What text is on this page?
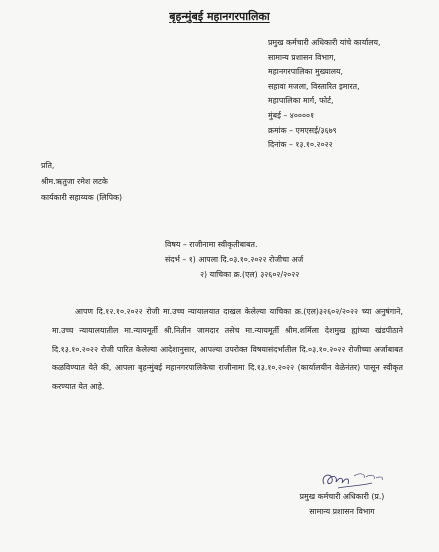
बृहन्मुंबई महानगरपालिका
प्रमुख कर्मचारी अधिकारी यांचे कार्यालय,
सामान्य प्रशासन विभाग,
महानगरपालिका मुख्यालय,
सहावा मजला, विस्तारित इमारत,
महापालिका मार्ग, फोर्ट,
मुंबई – ४००००१
क्रमांक – एमएसई/३६७९
दिनांक – १३.१०.२०२२
प्रति,
श्रीम.ऋतुजा रमेश लटके
कार्यकारी सहाय्यक (लिपिक)
विषय – राजीनामा स्वीकृतीबाबत.
संदर्भ – १) आपला दि.०३.१०.२०२२ रोजीचा अर्ज
२) याचिका क्र.(एल) ३२६०२/२०२२
आपण दि.१२.१०.२०२२ रोजी मा.उच्च न्यायालयात दाखल केलेल्या याचिका क्र.(एल)३२६०२/२०२२ च्या अनुषंगाने, मा.उच्च न्यायालयातील मा.न्यायमूर्ती श्री.नितीन जामदार तसेच मा.न्यायमूर्ती श्रीम.शर्मिला देशमुख ह्यांच्या खंडपीठाने दि.१३.१०.२०२२ रोजी पारित केलेल्या आदेशानुसार, आपल्या उपरोक्त विषयासंदर्भातील दि.०३.१०.२०२२ रोजीच्या अर्जाबाबत कळविण्यात येते की, आपला बृहन्मुंबई महानगरपालिकेचा राजीनामा दि.१३.१०.२०२२ (कार्यालयीन वेळेनंतर) पासून स्वीकृत करण्यात येत आहे.
प्रमुख कर्मचारी अधिकारी (प्र.)
सामान्य प्रशासन विभाग
